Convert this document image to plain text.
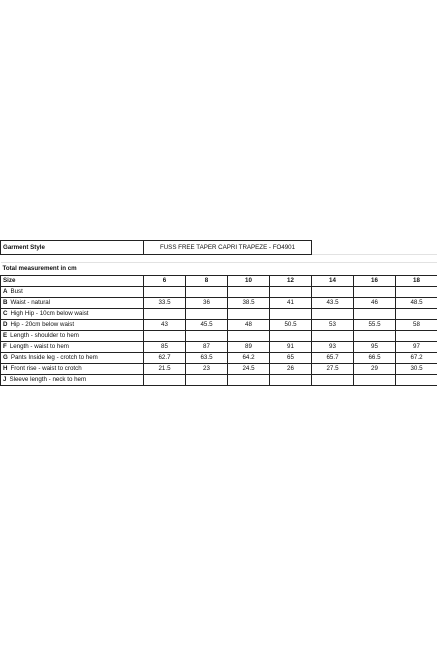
Garment Style	FUSS FREE TAPER CAPRI TRAPEZE - FO4901						

Total measurement in cm							
Size	6	8	10	12	14	16	18
A Bust							
B Waist - natural	33.5	36	38.5	41	43.5	46	48.5
C High Hip - 10cm below waist							
D Hip - 20cm below waist	43	45.5	48	50.5	53	55.5	58
E Length - shoulder to hem							
F Length - waist to hem	85	87	89	91	93	95	97
G Pants Inside leg - crotch to hem	62.7	63.5	64.2	65	65.7	66.5	67.2
H Front rise - waist to crotch	21.5	23	24.5	26	27.5	29	30.5
J Sleeve length - neck to hem							
